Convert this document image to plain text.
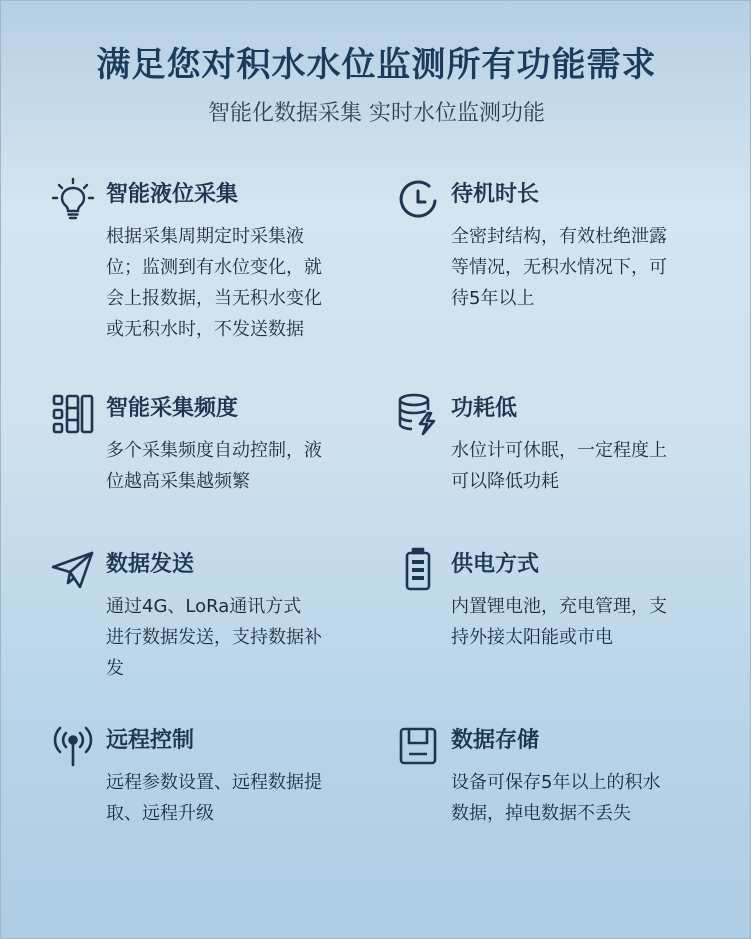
满足您对积水水位监测所有功能需求
智能化数据采集 实时水位监测功能
智能液位采集
根据采集周期定时采集液
位；监测到有水位变化，就
会上报数据，当无积水变化
或无积水时，不发送数据
待机时长
全密封结构，有效杜绝泄露
等情况，无积水情况下，可
待5年以上
智能采集频度
多个采集频度自动控制，液
位越高采集越频繁
功耗低
水位计可休眠，一定程度上
可以降低功耗
数据发送
通过4G、LoRa通讯方式
进行数据发送，支持数据补
发
供电方式
内置锂电池，充电管理，支
持外接太阳能或市电
远程控制
远程参数设置、远程数据提
取、远程升级
数据存储
设备可保存5年以上的积水
数据，掉电数据不丢失
